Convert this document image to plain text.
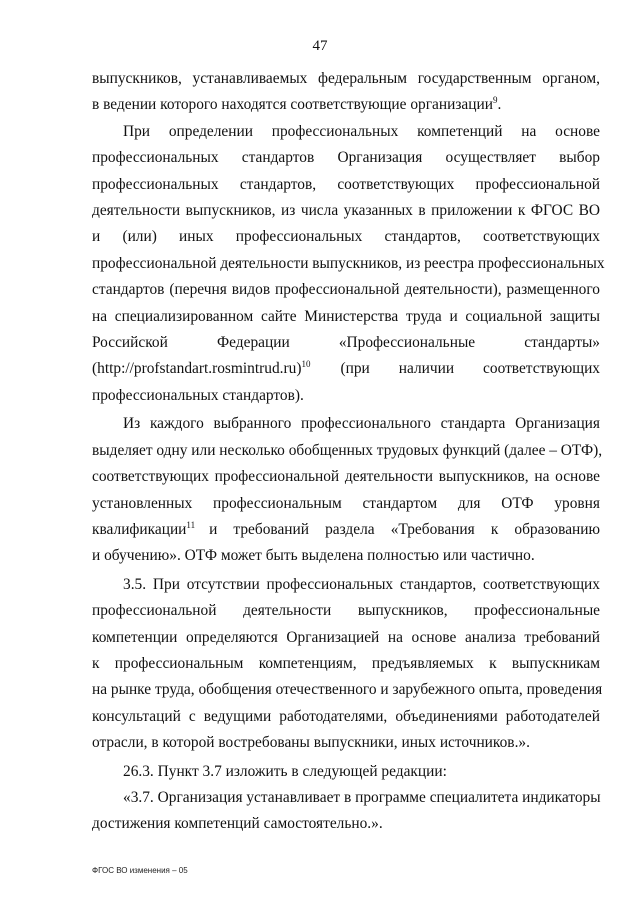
47

выпускников, устанавливаемых федеральным государственным органом,
в ведении которого находятся соответствующие организации$^9$.

При определении профессиональных компетенций на основе
профессиональных стандартов Организация осуществляет выбор
профессиональных стандартов, соответствующих профессиональной
деятельности выпускников, из числа указанных в приложении к ФГОС ВО
и (или) иных профессиональных стандартов, соответствующих
профессиональной деятельности выпускников, из реестра профессиональных
стандартов (перечня видов профессиональной деятельности), размещенного
на специализированном сайте Министерства труда и социальной защиты
Российской Федерации «Профессиональные стандарты»
(http://profstandart.rosmintrud.ru)$^{10}$	(при наличии соответствующих
профессиональных стандартов).

Из каждого выбранного профессионального стандарта Организация
выделяет одну или несколько обобщенных трудовых функций (далее – ОТФ),
соответствующих профессиональной деятельности выпускников, на основе
установленных профессиональным стандартом для ОТФ уровня
квалификации$^{11}$ и требований раздела «Требования к образованию
и обучению». ОТФ может быть выделена полностью или частично.

3.5. При отсутствии профессиональных стандартов, соответствующих
профессиональной деятельности выпускников, профессиональные
компетенции определяются Организацией на основе анализа требований
к профессиональным компетенциям, предъявляемых к выпускникам
на рынке труда, обобщения отечественного и зарубежного опыта, проведения
консультаций с ведущими работодателями, объединениями работодателей
отрасли, в которой востребованы выпускники, иных источников.».

26.3. Пункт 3.7 изложить в следующей редакции:

«3.7. Организация устанавливает в программе специалитета индикаторы
достижения компетенций самостоятельно.».

ФГОС ВО изменения – 05
